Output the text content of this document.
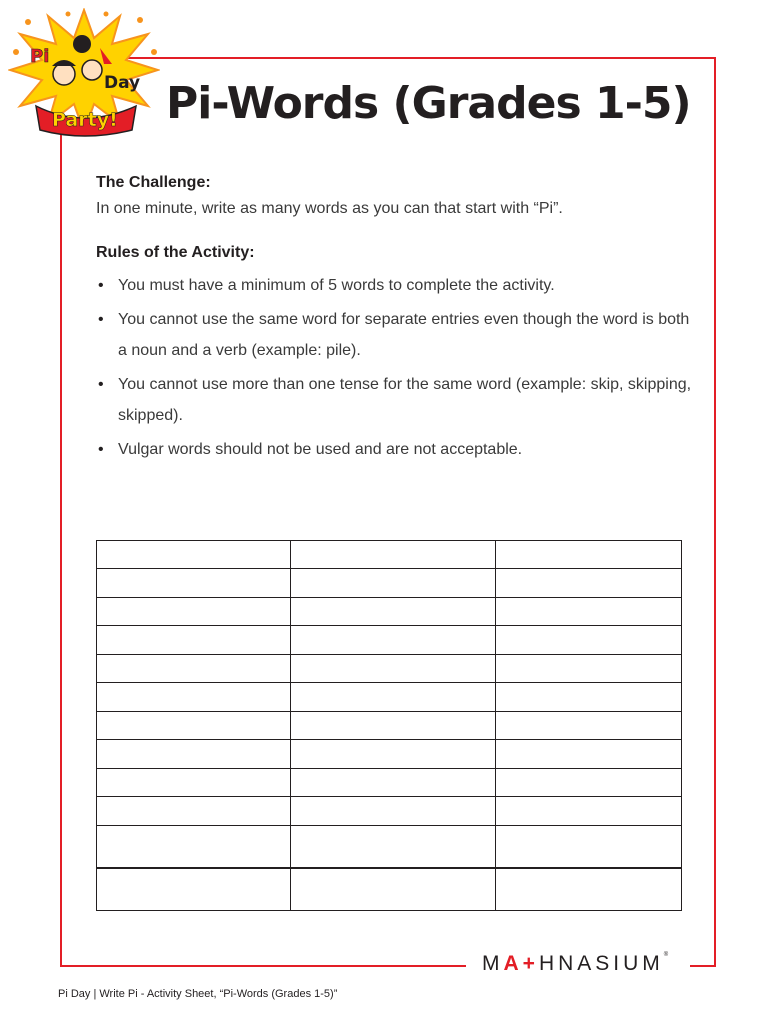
Pi
Day
Party! Pi-Words (Grades 1-5)
The Challenge:
In one minute, write as many words as you can that start with “Pi”.
Rules of the Activity:
• You must have a minimum of 5 words to complete the activity.
• You cannot use the same word for separate entries even though the word is both a noun and a verb (example: pile).
• You cannot use more than one tense for the same word (example: skip, skipping, skipped).
• Vulgar words should not be used and are not acceptable.

MA+HNASIUM®
Pi Day | Write Pi - Activity Sheet, “Pi-Words (Grades 1-5)”
